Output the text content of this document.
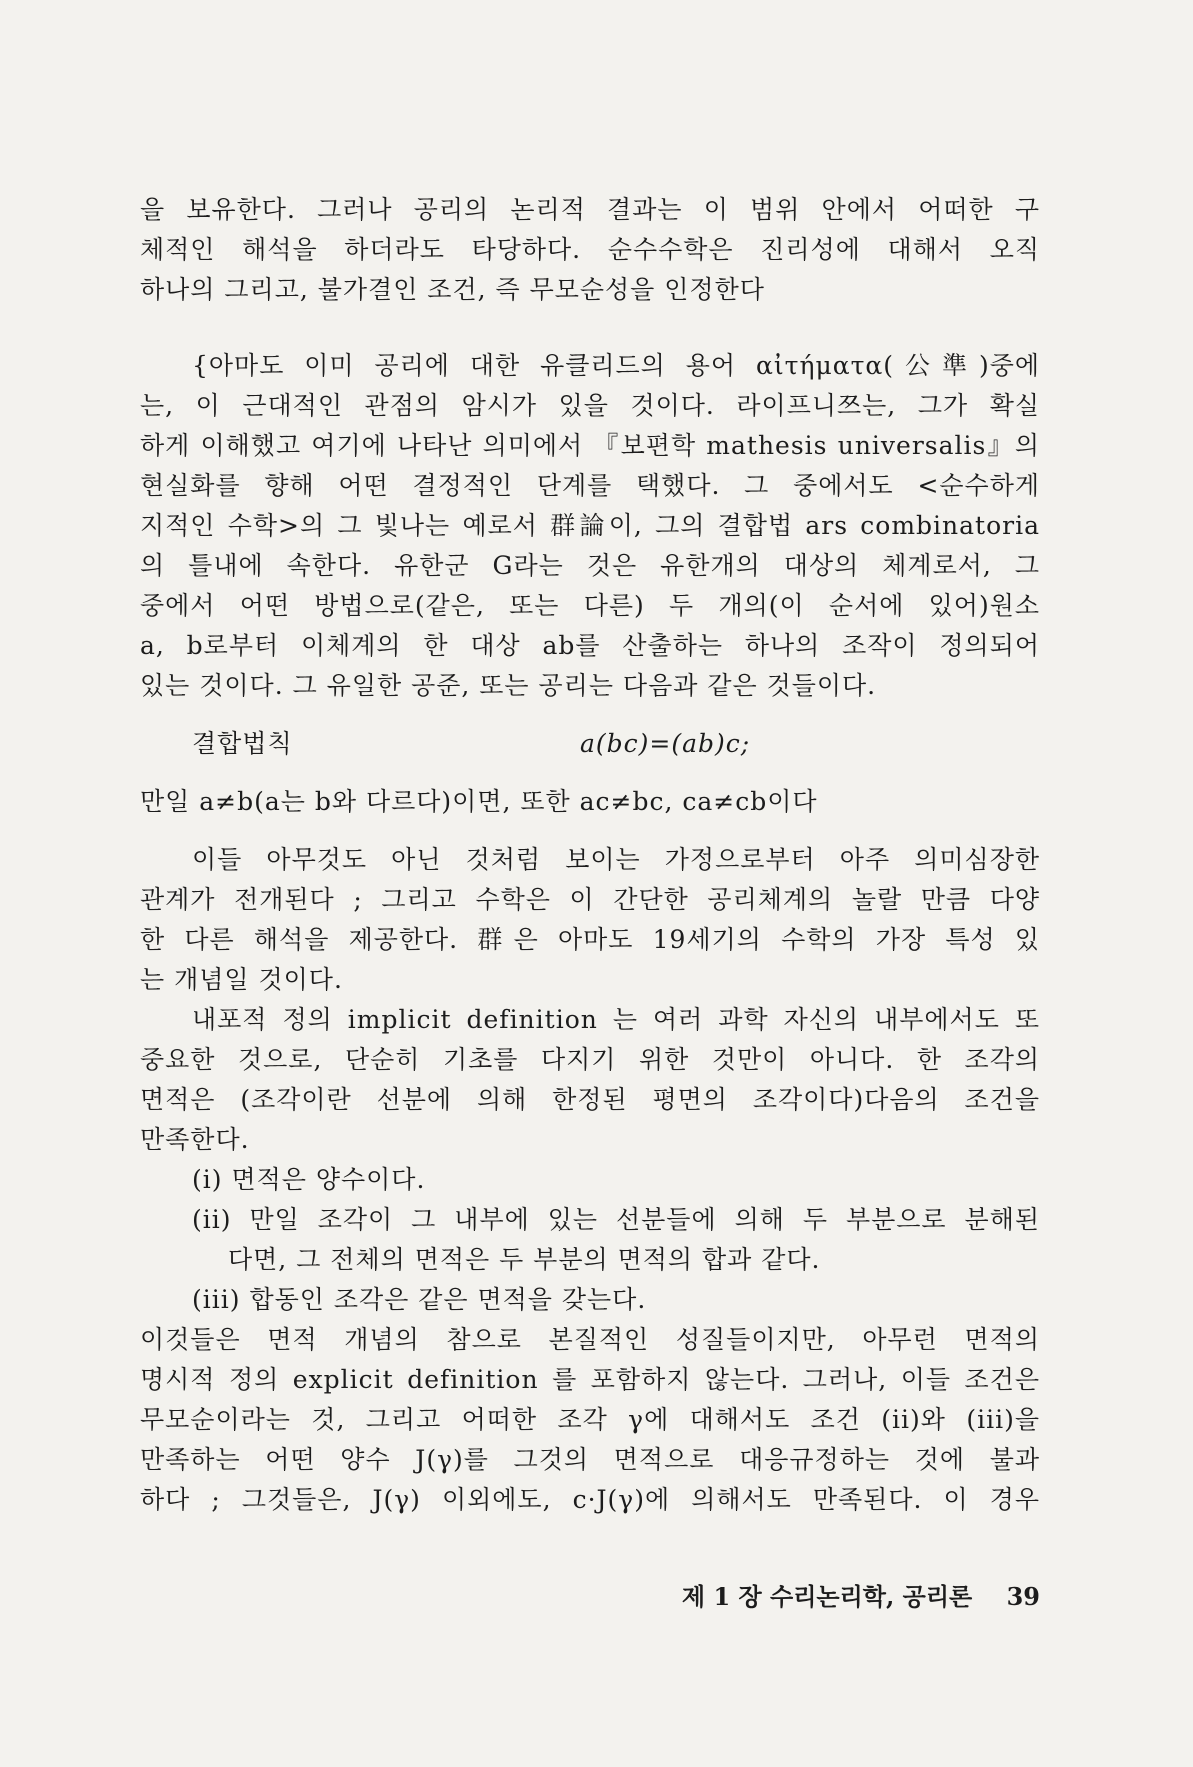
을 보유한다. 그러나 공리의 논리적 결과는 이 범위 안에서 어떠한 구
체적인 해석을 하더라도 타당하다. 순수수학은 진리성에 대해서 오직
하나의 그리고, 불가결인 조건, 즉 무모순성을 인정한다
{아마도 이미 공리에 대한 유클리드의 용어 αἰτήματα(公準)중에
는, 이 근대적인 관점의 암시가 있을 것이다. 라이프니쯔는, 그가 확실
하게 이해했고 여기에 나타난 의미에서 『보편학 mathesis universalis』의
현실화를 향해 어떤 결정적인 단계를 택했다. 그 중에서도 <순수하게
지적인 수학>의 그 빛나는 예로서 群論이, 그의 결합법 ars combinatoria
의 틀내에 속한다. 유한군 G라는 것은 유한개의 대상의 체계로서, 그
중에서 어떤 방법으로(같은, 또는 다른) 두 개의(이 순서에 있어)원소
a, b로부터 이체계의 한 대상 ab를 산출하는 하나의 조작이 정의되어
있는 것이다. 그 유일한 공준, 또는 공리는 다음과 같은 것들이다.
결합법칙	a(bc)=(ab)c;
만일 a≠b(a는 b와 다르다)이면, 또한 ac≠bc, ca≠cb이다
이들 아무것도 아닌 것처럼 보이는 가정으로부터 아주 의미심장한
관계가 전개된다 ; 그리고 수학은 이 간단한 공리체계의 놀랄 만큼 다양
한 다른 해석을 제공한다. 群은 아마도 19세기의 수학의 가장 특성 있
는 개념일 것이다.
내포적 정의 implicit definition 는 여러 과학 자신의 내부에서도 또
중요한 것으로, 단순히 기초를 다지기 위한 것만이 아니다. 한 조각의
면적은 (조각이란 선분에 의해 한정된 평면의 조각이다)다음의 조건을
만족한다.
(i) 면적은 양수이다.
(ii) 만일 조각이 그 내부에 있는 선분들에 의해 두 부분으로 분해된
다면, 그 전체의 면적은 두 부분의 면적의 합과 같다.
(iii) 합동인 조각은 같은 면적을 갖는다.
이것들은 면적 개념의 참으로 본질적인 성질들이지만, 아무런 면적의
명시적 정의 explicit definition 를 포함하지 않는다. 그러나, 이들 조건은
무모순이라는 것, 그리고 어떠한 조각 γ에 대해서도 조건 (ii)와 (iii)을
만족하는 어떤 양수 J(γ)를 그것의 면적으로 대응규정하는 것에 불과
하다 ; 그것들은, J(γ) 이외에도, c·J(γ)에 의해서도 만족된다. 이 경우
제 1 장 수리논리학, 공리론 39
